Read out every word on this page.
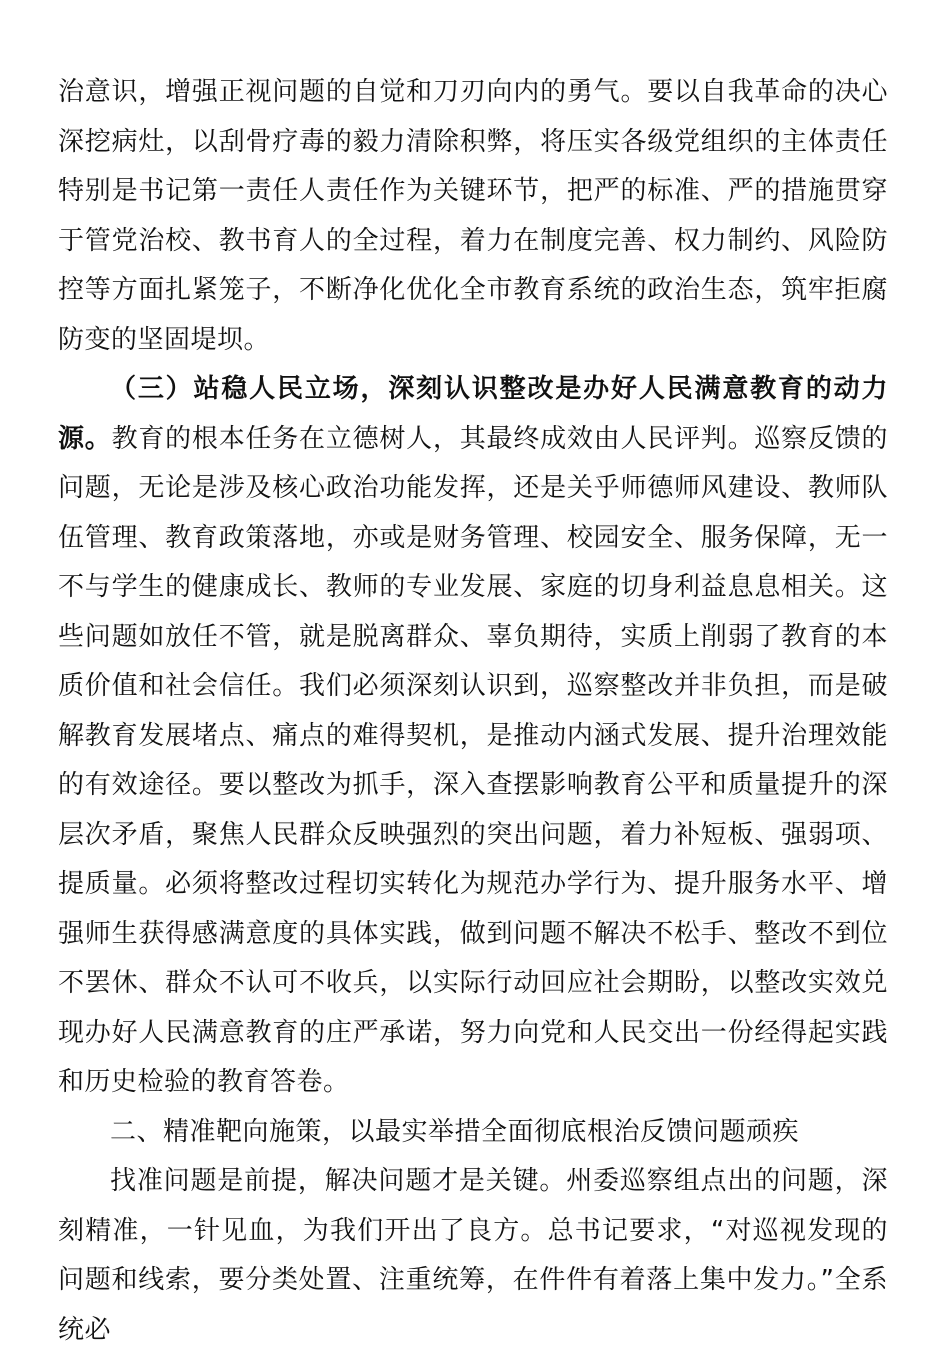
治意识，增强正视问题的自觉和刀刃向内的勇气。要以自我革命的决心深挖病灶，以刮骨疗毒的毅力清除积弊，将压实各级党组织的主体责任特别是书记第一责任人责任作为关键环节，把严的标准、严的措施贯穿于管党治校、教书育人的全过程，着力在制度完善、权力制约、风险防控等方面扎紧笼子，不断净化优化全市教育系统的政治生态，筑牢拒腐防变的坚固堤坝。

（三）站稳人民立场，深刻认识整改是办好人民满意教育的动力源。教育的根本任务在立德树人，其最终成效由人民评判。巡察反馈的问题，无论是涉及核心政治功能发挥，还是关乎师德师风建设、教师队伍管理、教育政策落地，亦或是财务管理、校园安全、服务保障，无一不与学生的健康成长、教师的专业发展、家庭的切身利益息息相关。这些问题如放任不管，就是脱离群众、辜负期待，实质上削弱了教育的本质价值和社会信任。我们必须深刻认识到，巡察整改并非负担，而是破解教育发展堵点、痛点的难得契机，是推动内涵式发展、提升治理效能的有效途径。要以整改为抓手，深入查摆影响教育公平和质量提升的深层次矛盾，聚焦人民群众反映强烈的突出问题，着力补短板、强弱项、提质量。必须将整改过程切实转化为规范办学行为、提升服务水平、增强师生获得感满意度的具体实践，做到问题不解决不松手、整改不到位不罢休、群众不认可不收兵，以实际行动回应社会期盼，以整改实效兑现办好人民满意教育的庄严承诺，努力向党和人民交出一份经得起实践和历史检验的教育答卷。

二、精准靶向施策，以最实举措全面彻底根治反馈问题顽疾

找准问题是前提，解决问题才是关键。州委巡察组点出的问题，深刻精准，一针见血，为我们开出了良方。总书记要求，“对巡视发现的问题和线索，要分类处置、注重统筹，在件件有着落上集中发力。”全系统必
